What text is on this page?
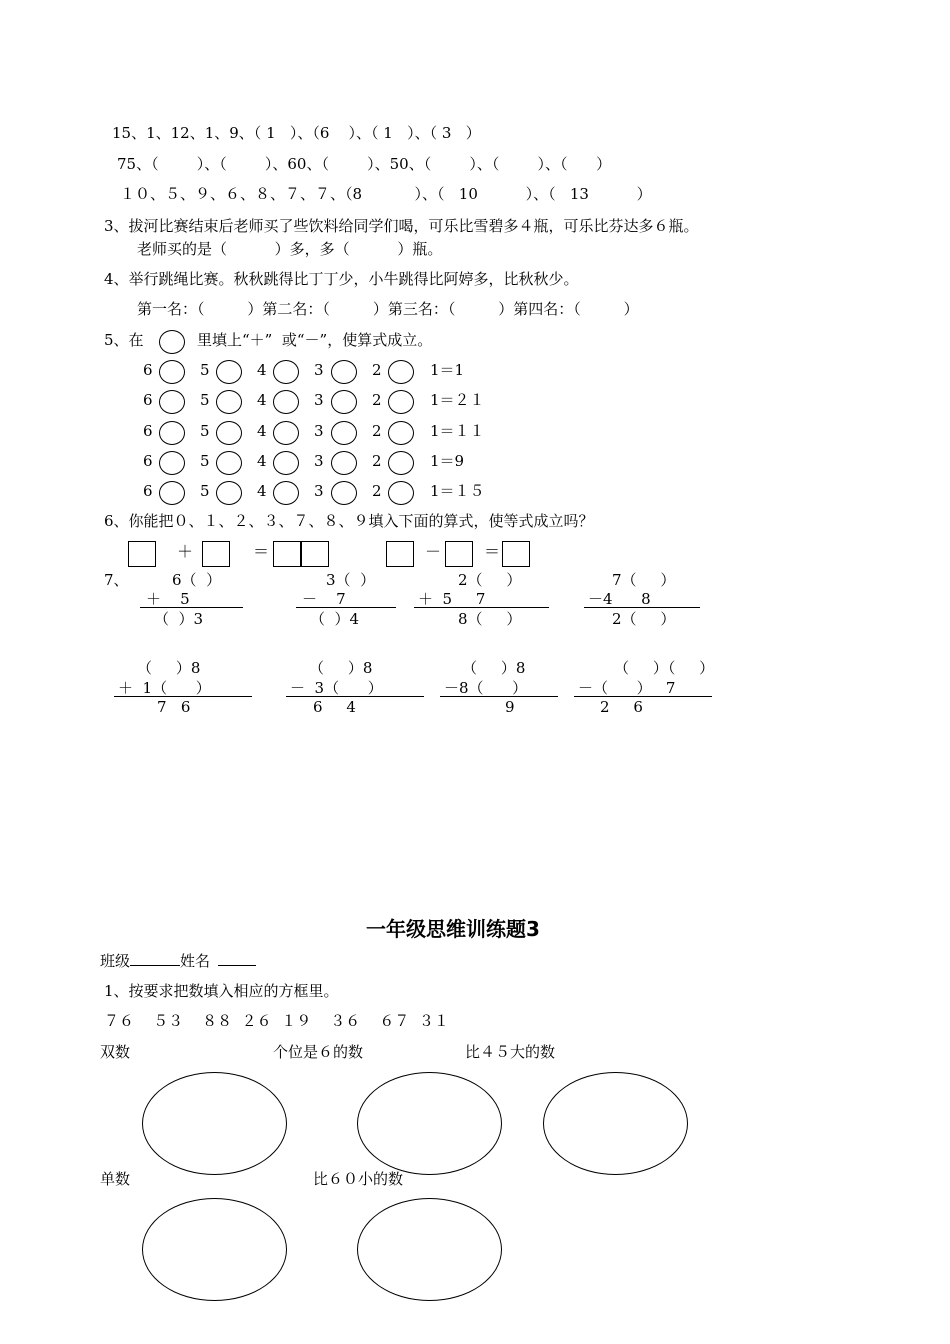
15、1、12、1、9、（ 1   ）、（6    ）、（ 1   ）、（ 3   ）
75、（        ）、（        ）、60、（        ）、50、（        ）、（        ）、（      ）
１０、５、９、６、８、７、７、（8           ）、（   10          ）、（   13          ）
3、拔河比赛结束后老师买了些饮料给同学们喝，可乐比雪碧多４瓶，可乐比芬达多６瓶。
老师买的是（          ）多，多（          ）瓶。
4、举行跳绳比赛。秋秋跳得比丁丁少，小牛跳得比阿婷多，比秋秋少。
第一名：（         ）第二名：（         ）第三名：（         ）第四名：（         ）
5、在	里填上“＋”  或“－”，使算式成立。
6	5	4	3	2	1＝1
6	5	4	3	2	1＝２１
6	5	4	3	2	1＝１１
6	5	4	3	2	1＝9
6	5	4	3	2	1＝１５
6、你能把０、１、２、３、７、８、９填入下面的算式，使等式成立吗？
＋	＝	－	＝
7、	6（  ）
＋    5
（  ）3
3（  ）
－    7
（  ）4
2（     ）
＋  5     7
8（     ）
7（     ）
－4      8
2（     ）
（     ）8
＋  1（      ）
7   6
（     ）8
－  3（      ）
6     4
（     ）8
－8（      ）
9
（     ）（     ）
－（      ）   7
2     6
一年级思维训练题3
班级	姓名
1、按要求把数填入相应的方框里。
７６    ５３    ８８  ２６  １９    ３６    ６７  ３１
双数	个位是６的数	比４５大的数
单数	比６０小的数
